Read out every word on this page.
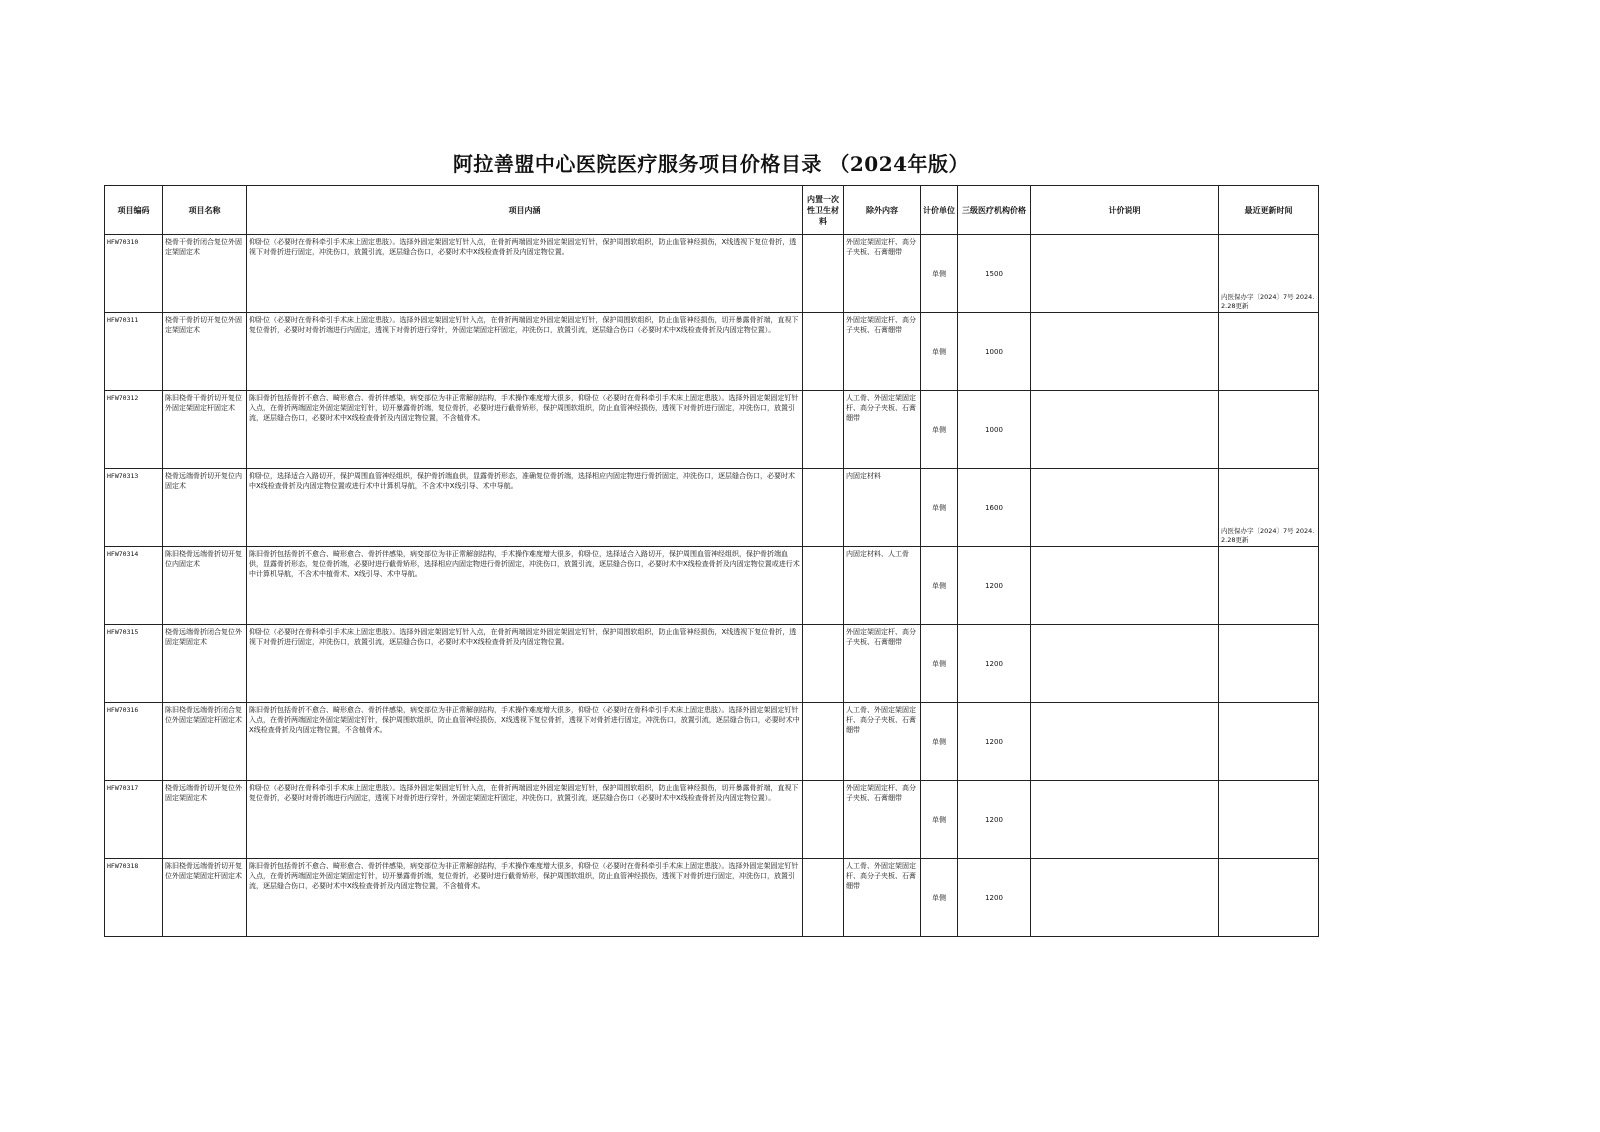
阿拉善盟中心医院医疗服务项目价格目录 （2024年版）
项目编码	项目名称	项目内涵	内置一次性卫生材料	除外内容	计价单位	三级医疗机构价格	计价说明	最近更新时间
HFW70310	桡骨干骨折闭合复位外固定架固定术	仰卧位（必要时在骨科牵引手术床上固定患肢）。选择外固定架固定钉针入点，在骨折两端固定外固定架固定钉针，保护周围软组织，防止血管神经损伤，X线透视下复位骨折，透视下对骨折进行固定，冲洗伤口，放置引流，逐层缝合伤口，必要时术中X线检查骨折及内固定物位置。		外固定架固定杆、高分子夹板、石膏绷带	单侧	1500		内医保办字〔2024〕7号 2024.2.28更新
HFW70311	桡骨干骨折切开复位外固定架固定术	仰卧位（必要时在骨科牵引手术床上固定患肢）。选择外固定架固定钉针入点，在骨折两端固定外固定架固定钉针，保护周围软组织，防止血管神经损伤，切开暴露骨折端，直视下复位骨折，必要时对骨折端进行内固定，透视下对骨折进行穿针，外固定架固定杆固定，冲洗伤口，放置引流，逐层缝合伤口（必要时术中X线检查骨折及内固定物位置）。		外固定架固定杆、高分子夹板、石膏绷带	单侧	1000		
HFW70312	陈旧桡骨干骨折切开复位外固定架固定杆固定术	陈旧骨折包括骨折不愈合、畸形愈合、骨折伴感染，病变部位为非正常解剖结构，手术操作难度增大很多，仰卧位（必要时在骨科牵引手术床上固定患肢）。选择外固定架固定钉针入点，在骨折两端固定外固定架固定钉针，切开暴露骨折端，复位骨折，必要时进行截骨矫形，保护周围软组织，防止血管神经损伤，透视下对骨折进行固定，冲洗伤口，放置引流，逐层缝合伤口，必要时术中X线检查骨折及内固定物位置，不含植骨术。		人工骨、外固定架固定杆、高分子夹板、石膏绷带	单侧	1000		
HFW70313	桡骨远端骨折切开复位内固定术	仰卧位，选择适合入路切开，保护周围血管神经组织，保护骨折端血供，显露骨折形态，准确复位骨折端，选择相应内固定物进行骨折固定，冲洗伤口，逐层缝合伤口，必要时术中X线检查骨折及内固定物位置或进行术中计算机导航，不含术中X线引导、术中导航。		内固定材料	单侧	1600		内医保办字〔2024〕7号 2024.2.28更新
HFW70314	陈旧桡骨远端骨折切开复位内固定术	陈旧骨折包括骨折不愈合、畸形愈合、骨折伴感染，病变部位为非正常解剖结构，手术操作难度增大很多，仰卧位，选择适合入路切开，保护周围血管神经组织，保护骨折端血供，显露骨折形态，复位骨折端，必要时进行截骨矫形，选择相应内固定物进行骨折固定，冲洗伤口，放置引流，逐层缝合伤口，必要时术中X线检查骨折及内固定物位置或进行术中计算机导航，不含术中植骨术、X线引导、术中导航。		内固定材料、人工骨	单侧	1200		
HFW70315	桡骨远端骨折闭合复位外固定架固定术	仰卧位（必要时在骨科牵引手术床上固定患肢）。选择外固定架固定钉针入点，在骨折两端固定外固定架固定钉针，保护周围软组织，防止血管神经损伤，X线透视下复位骨折，透视下对骨折进行固定，冲洗伤口，放置引流，逐层缝合伤口，必要时术中X线检查骨折及内固定物位置。		外固定架固定杆、高分子夹板、石膏绷带	单侧	1200		
HFW70316	陈旧桡骨远端骨折闭合复位外固定架固定杆固定术	陈旧骨折包括骨折不愈合、畸形愈合、骨折伴感染，病变部位为非正常解剖结构，手术操作难度增大很多，仰卧位（必要时在骨科牵引手术床上固定患肢）。选择外固定架固定钉针入点，在骨折两端固定外固定架固定钉针，保护周围软组织，防止血管神经损伤，X线透视下复位骨折，透视下对骨折进行固定，冲洗伤口，放置引流，逐层缝合伤口，必要时术中X线检查骨折及内固定物位置，不含植骨术。		人工骨、外固定架固定杆、高分子夹板、石膏绷带	单侧	1200		
HFW70317	桡骨远端骨折切开复位外固定架固定术	仰卧位（必要时在骨科牵引手术床上固定患肢）。选择外固定架固定钉针入点，在骨折两端固定外固定架固定钉针，保护周围软组织，防止血管神经损伤，切开暴露骨折端，直视下复位骨折，必要时对骨折端进行内固定，透视下对骨折进行穿针，外固定架固定杆固定，冲洗伤口，放置引流，逐层缝合伤口（必要时术中X线检查骨折及内固定物位置）。		外固定架固定杆、高分子夹板、石膏绷带	单侧	1200		
HFW70318	陈旧桡骨远端骨折切开复位外固定架固定杆固定术	陈旧骨折包括骨折不愈合、畸形愈合、骨折伴感染，病变部位为非正常解剖结构，手术操作难度增大很多，仰卧位（必要时在骨科牵引手术床上固定患肢）。选择外固定架固定钉针入点，在骨折两端固定外固定架固定钉针，切开暴露骨折端，复位骨折，必要时进行截骨矫形，保护周围软组织，防止血管神经损伤，透视下对骨折进行固定，冲洗伤口，放置引流，逐层缝合伤口，必要时术中X线检查骨折及内固定物位置，不含植骨术。		人工骨、外固定架固定杆、高分子夹板、石膏绷带	单侧	1200		
